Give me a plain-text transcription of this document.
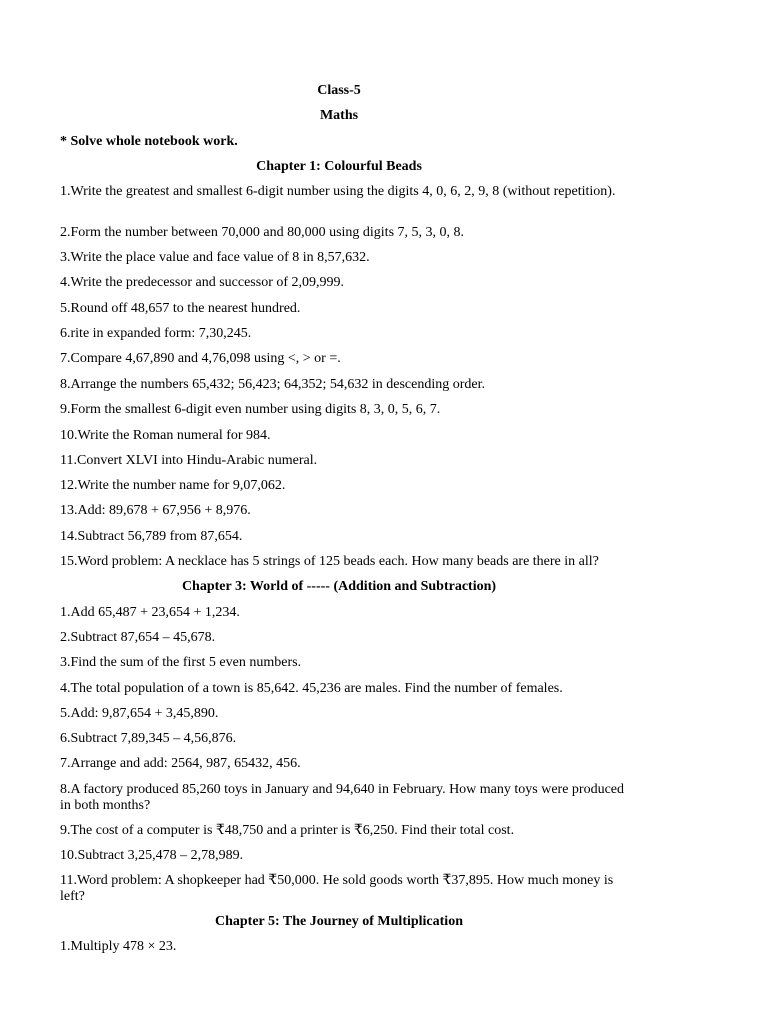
Class-5
Maths
* Solve whole notebook work.
Chapter 1: Colourful Beads
1.Write the greatest and smallest 6-digit number using the digits 4, 0, 6, 2, 9, 8 (without repetition).
2.Form the number between 70,000 and 80,000 using digits 7, 5, 3, 0, 8.
3.Write the place value and face value of 8 in 8,57,632.
4.Write the predecessor and successor of 2,09,999.
5.Round off 48,657 to the nearest hundred.
6.rite in expanded form: 7,30,245.
7.Compare 4,67,890 and 4,76,098 using <, > or =.
8.Arrange the numbers 65,432; 56,423; 64,352; 54,632 in descending order.
9.Form the smallest 6-digit even number using digits 8, 3, 0, 5, 6, 7.
10.Write the Roman numeral for 984.
11.Convert XLVI into Hindu-Arabic numeral.
12.Write the number name for 9,07,062.
13.Add: 89,678 + 67,956 + 8,976.
14.Subtract 56,789 from 87,654.
15.Word problem: A necklace has 5 strings of 125 beads each. How many beads are there in all?
Chapter 3: World of ----- (Addition and Subtraction)
1.Add 65,487 + 23,654 + 1,234.
2.Subtract 87,654 – 45,678.
3.Find the sum of the first 5 even numbers.
4.The total population of a town is 85,642. 45,236 are males. Find the number of females.
5.Add: 9,87,654 + 3,45,890.
6.Subtract 7,89,345 – 4,56,876.
7.Arrange and add: 2564, 987, 65432, 456.
8.A factory produced 85,260 toys in January and 94,640 in February. How many toys were produced in both months?
9.The cost of a computer is ₹48,750 and a printer is ₹6,250. Find their total cost.
10.Subtract 3,25,478 – 2,78,989.
11.Word problem: A shopkeeper had ₹50,000. He sold goods worth ₹37,895. How much money is left?
Chapter 5: The Journey of Multiplication
1.Multiply 478 × 23.
